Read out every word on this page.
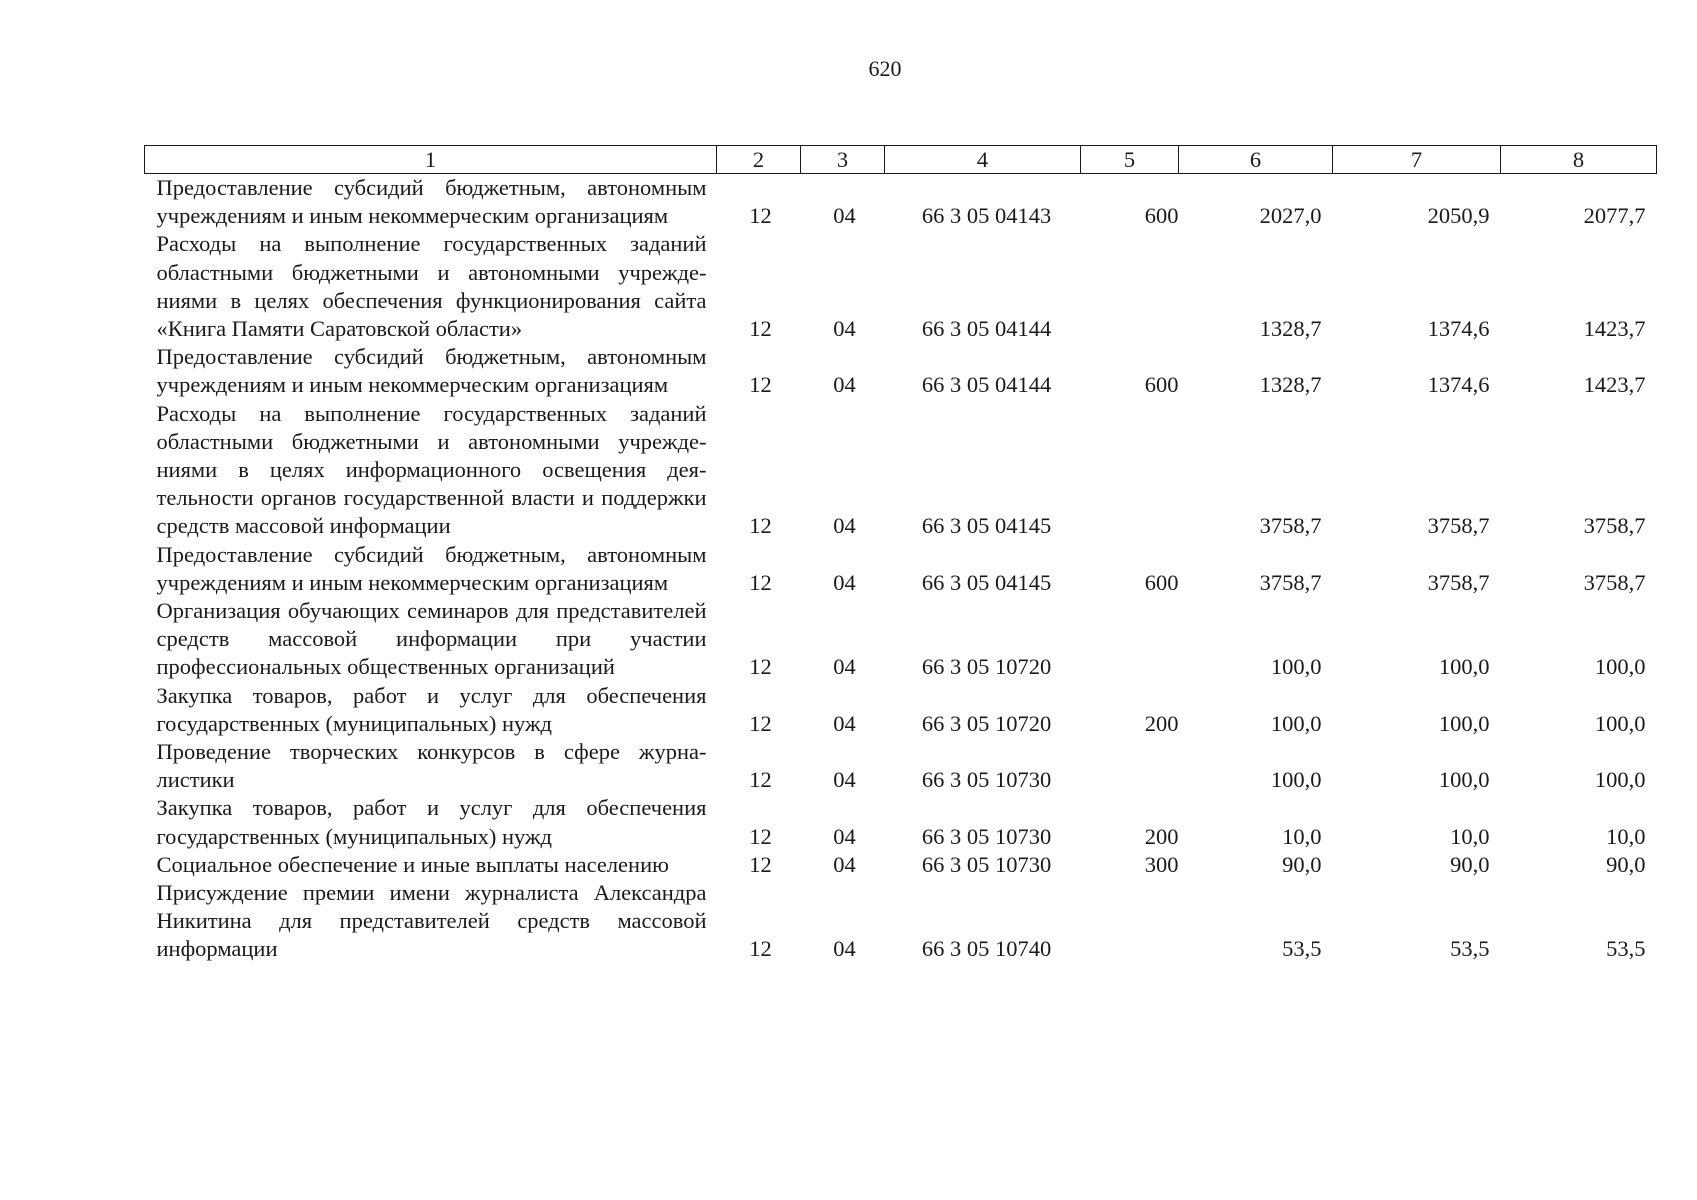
620
1	2	3	4	5	6	7	8
Предоставление субсидий бюджетным, автономным учреждениям и иным некоммерческим организациям	12	04	66 3 05 04143	600	2027,0	2050,9	2077,7
Расходы на выполнение государственных заданий областными бюджетными и автономными учреждениями в целях обеспечения функционирования сайта «Книга Памяти Саратовской области»	12	04	66 3 05 04144		1328,7	1374,6	1423,7
Предоставление субсидий бюджетным, автономным учреждениям и иным некоммерческим организациям	12	04	66 3 05 04144	600	1328,7	1374,6	1423,7
Расходы на выполнение государственных заданий областными бюджетными и автономными учреждениями в целях информационного освещения деятельности органов государственной власти и поддержки средств массовой информации	12	04	66 3 05 04145		3758,7	3758,7	3758,7
Предоставление субсидий бюджетным, автономным учреждениям и иным некоммерческим организациям	12	04	66 3 05 04145	600	3758,7	3758,7	3758,7
Организация обучающих семинаров для представителей средств массовой информации при участии профессиональных общественных организаций	12	04	66 3 05 10720		100,0	100,0	100,0
Закупка товаров, работ и услуг для обеспечения государственных (муниципальных) нужд	12	04	66 3 05 10720	200	100,0	100,0	100,0
Проведение творческих конкурсов в сфере журналистики	12	04	66 3 05 10730		100,0	100,0	100,0
Закупка товаров, работ и услуг для обеспечения государственных (муниципальных) нужд	12	04	66 3 05 10730	200	10,0	10,0	10,0
Социальное обеспечение и иные выплаты населению	12	04	66 3 05 10730	300	90,0	90,0	90,0
Присуждение премии имени журналиста Александра Никитина для представителей средств массовой информации	12	04	66 3 05 10740		53,5	53,5	53,5
